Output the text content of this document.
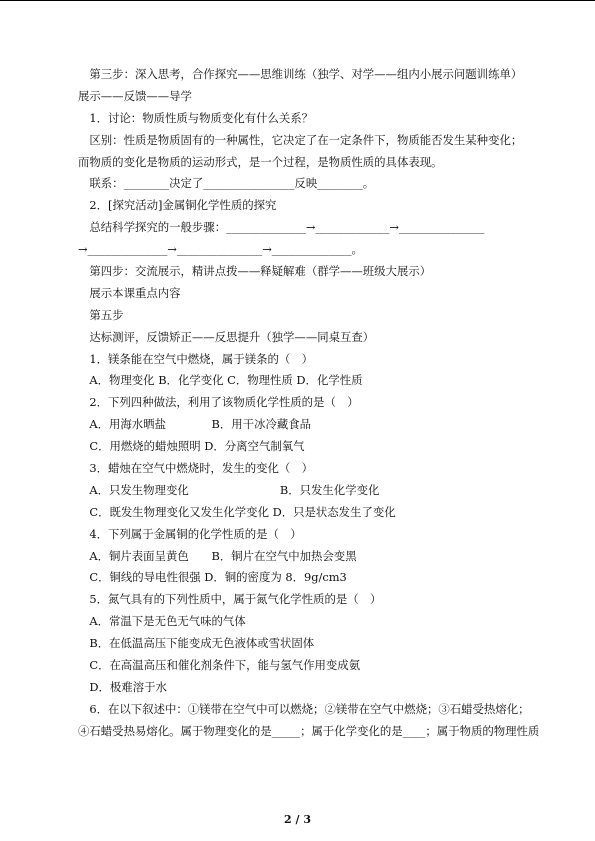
　第三步：深入思考，合作探究——思维训练（独学、对学——组内小展示问题训练单）
展示——反馈——导学
　1．讨论：物质性质与物质变化有什么关系？
　区别：性质是物质固有的一种属性，它决定了在一定条件下，物质能否发生某种变化；
而物质的变化是物质的运动形式，是一个过程，是物质性质的具体表现。
　联系：________决定了________________反映________。
　2．[探究活动]金属铜化学性质的探究
　总结科学探究的一般步骤：______________→_____________→_______________
→______________→_______________→______________。
　第四步：交流展示，精讲点拨——释疑解难（群学——班级大展示）
　展示本课重点内容
　第五步
　达标测评，反馈矫正——反思提升（独学——同桌互查）
　1．镁条能在空气中燃烧，属于镁条的（　）
　A．物理变化 B．化学变化 C．物理性质 D．化学性质
　2．下列四种做法，利用了该物质化学性质的是（　）
　A．用海水晒盐　　　　B．用干冰冷藏食品
　C．用燃烧的蜡烛照明 D．分离空气制氧气
　3．蜡烛在空气中燃烧时，发生的变化（　）
　A．只发生物理变化　　　　　　　　B．只发生化学变化
　C．既发生物理变化又发生化学变化 D．只是状态发生了变化
　4．下列属于金属铜的化学性质的是（　）
　A．铜片表面呈黄色　　B．铜片在空气中加热会变黑
　C．铜线的导电性很强 D．铜的密度为 8．9g/cm3
　5．氮气具有的下列性质中，属于氮气化学性质的是（　）
　A．常温下是无色无气味的气体
　B．在低温高压下能变成无色液体或雪状固体
　C．在高温高压和催化剂条件下，能与氢气作用变成氨
　D．极难溶于水
　6．在以下叙述中：①镁带在空气中可以燃烧；②镁带在空气中燃烧；③石蜡受热熔化；
④石蜡受热易熔化。属于物理变化的是_____；属于化学变化的是____；属于物质的物理性质
2 / 3
